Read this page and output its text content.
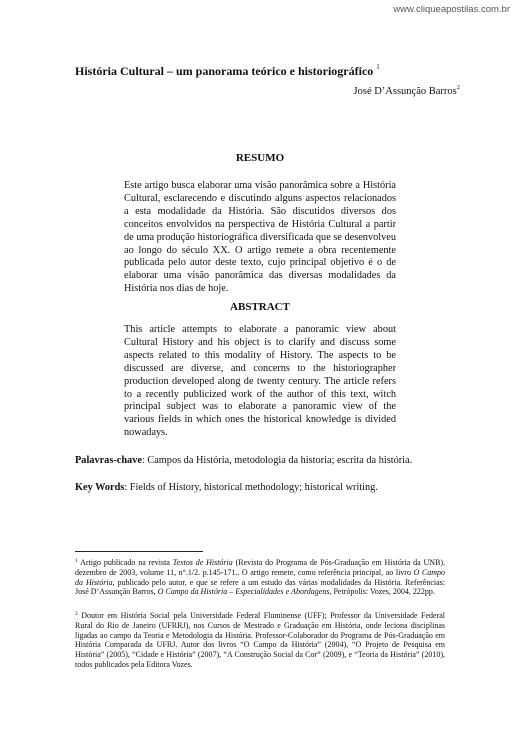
www.cliqueapostilas.com.br
História Cultural – um panorama teórico e historiográfico $^1$
José D’Assunção Barros$^2$
RESUMO
Este artigo busca elaborar uma visão panorâmica sobre a História Cultural, esclarecendo e discutindo alguns aspectos relacionados a esta modalidade da História. São discutidos diversos dos conceitos envolvidos na perspectiva de História Cultural a partir de uma produção historiográfica diversificada que se desenvolveu ao longo do século XX. O artigo remete a obra recentemente publicada pelo autor deste texto, cujo principal objetivo é o de elaborar uma visão panorâmica das diversas modalidades da História nos dias de hoje.
ABSTRACT
This article attempts to elaborate a panoramic view about Cultural History and his object is to clarify and discuss some aspects related to this modality of History. The aspects to be discussed are diverse, and concerns to the historiographer production developed along de twenty century. The article refers to a recently publicized work of the author of this text, witch principal subject was to elaborate a panoramic view of the various fields in which ones the historical knowledge is divided nowadays.
Palavras-chave: Campos da História, metodologia da historia; escrita da história.
Key Words: Fields of History, historical methodology; historical writing.
$^1$ Artigo publicado na revista Textos de História (Revista do Programa de Pós-Graduação em História da UNB). dezembro de 2003, volume 11, n°.1/2. p.145-171.. O artigo remete, como referência principal, ao livro O Campo da História, publicado pelo autor, e que se refere a um estudo das várias modalidades da História. Referências: José D’Assunção Barros, O Campo da História – Especialidades e Abordagens, Petrópolis: Vozes, 2004, 222pp.
$^2$ Doutor em História Social pela Universidade Federal Fluminense (UFF); Professor da Universidade Federal Rural do Rio de Janeiro (UFRRJ), nos Cursos de Mestrado e Graduação em História, onde leciona disciplinas ligadas ao campo da Teoria e Metodologia da História. Professor-Colaborador do Programa de Pós-Graduação em História Comparada da UFRJ. Autor dos livros “O Campo da História” (2004), “O Projeto de Pesquisa em História” (2005), “Cidade e História” (2007), “A Construção Social da Cor” (2009), e “Teoria da História” (2010), todos publicados pela Editora Vozes.
